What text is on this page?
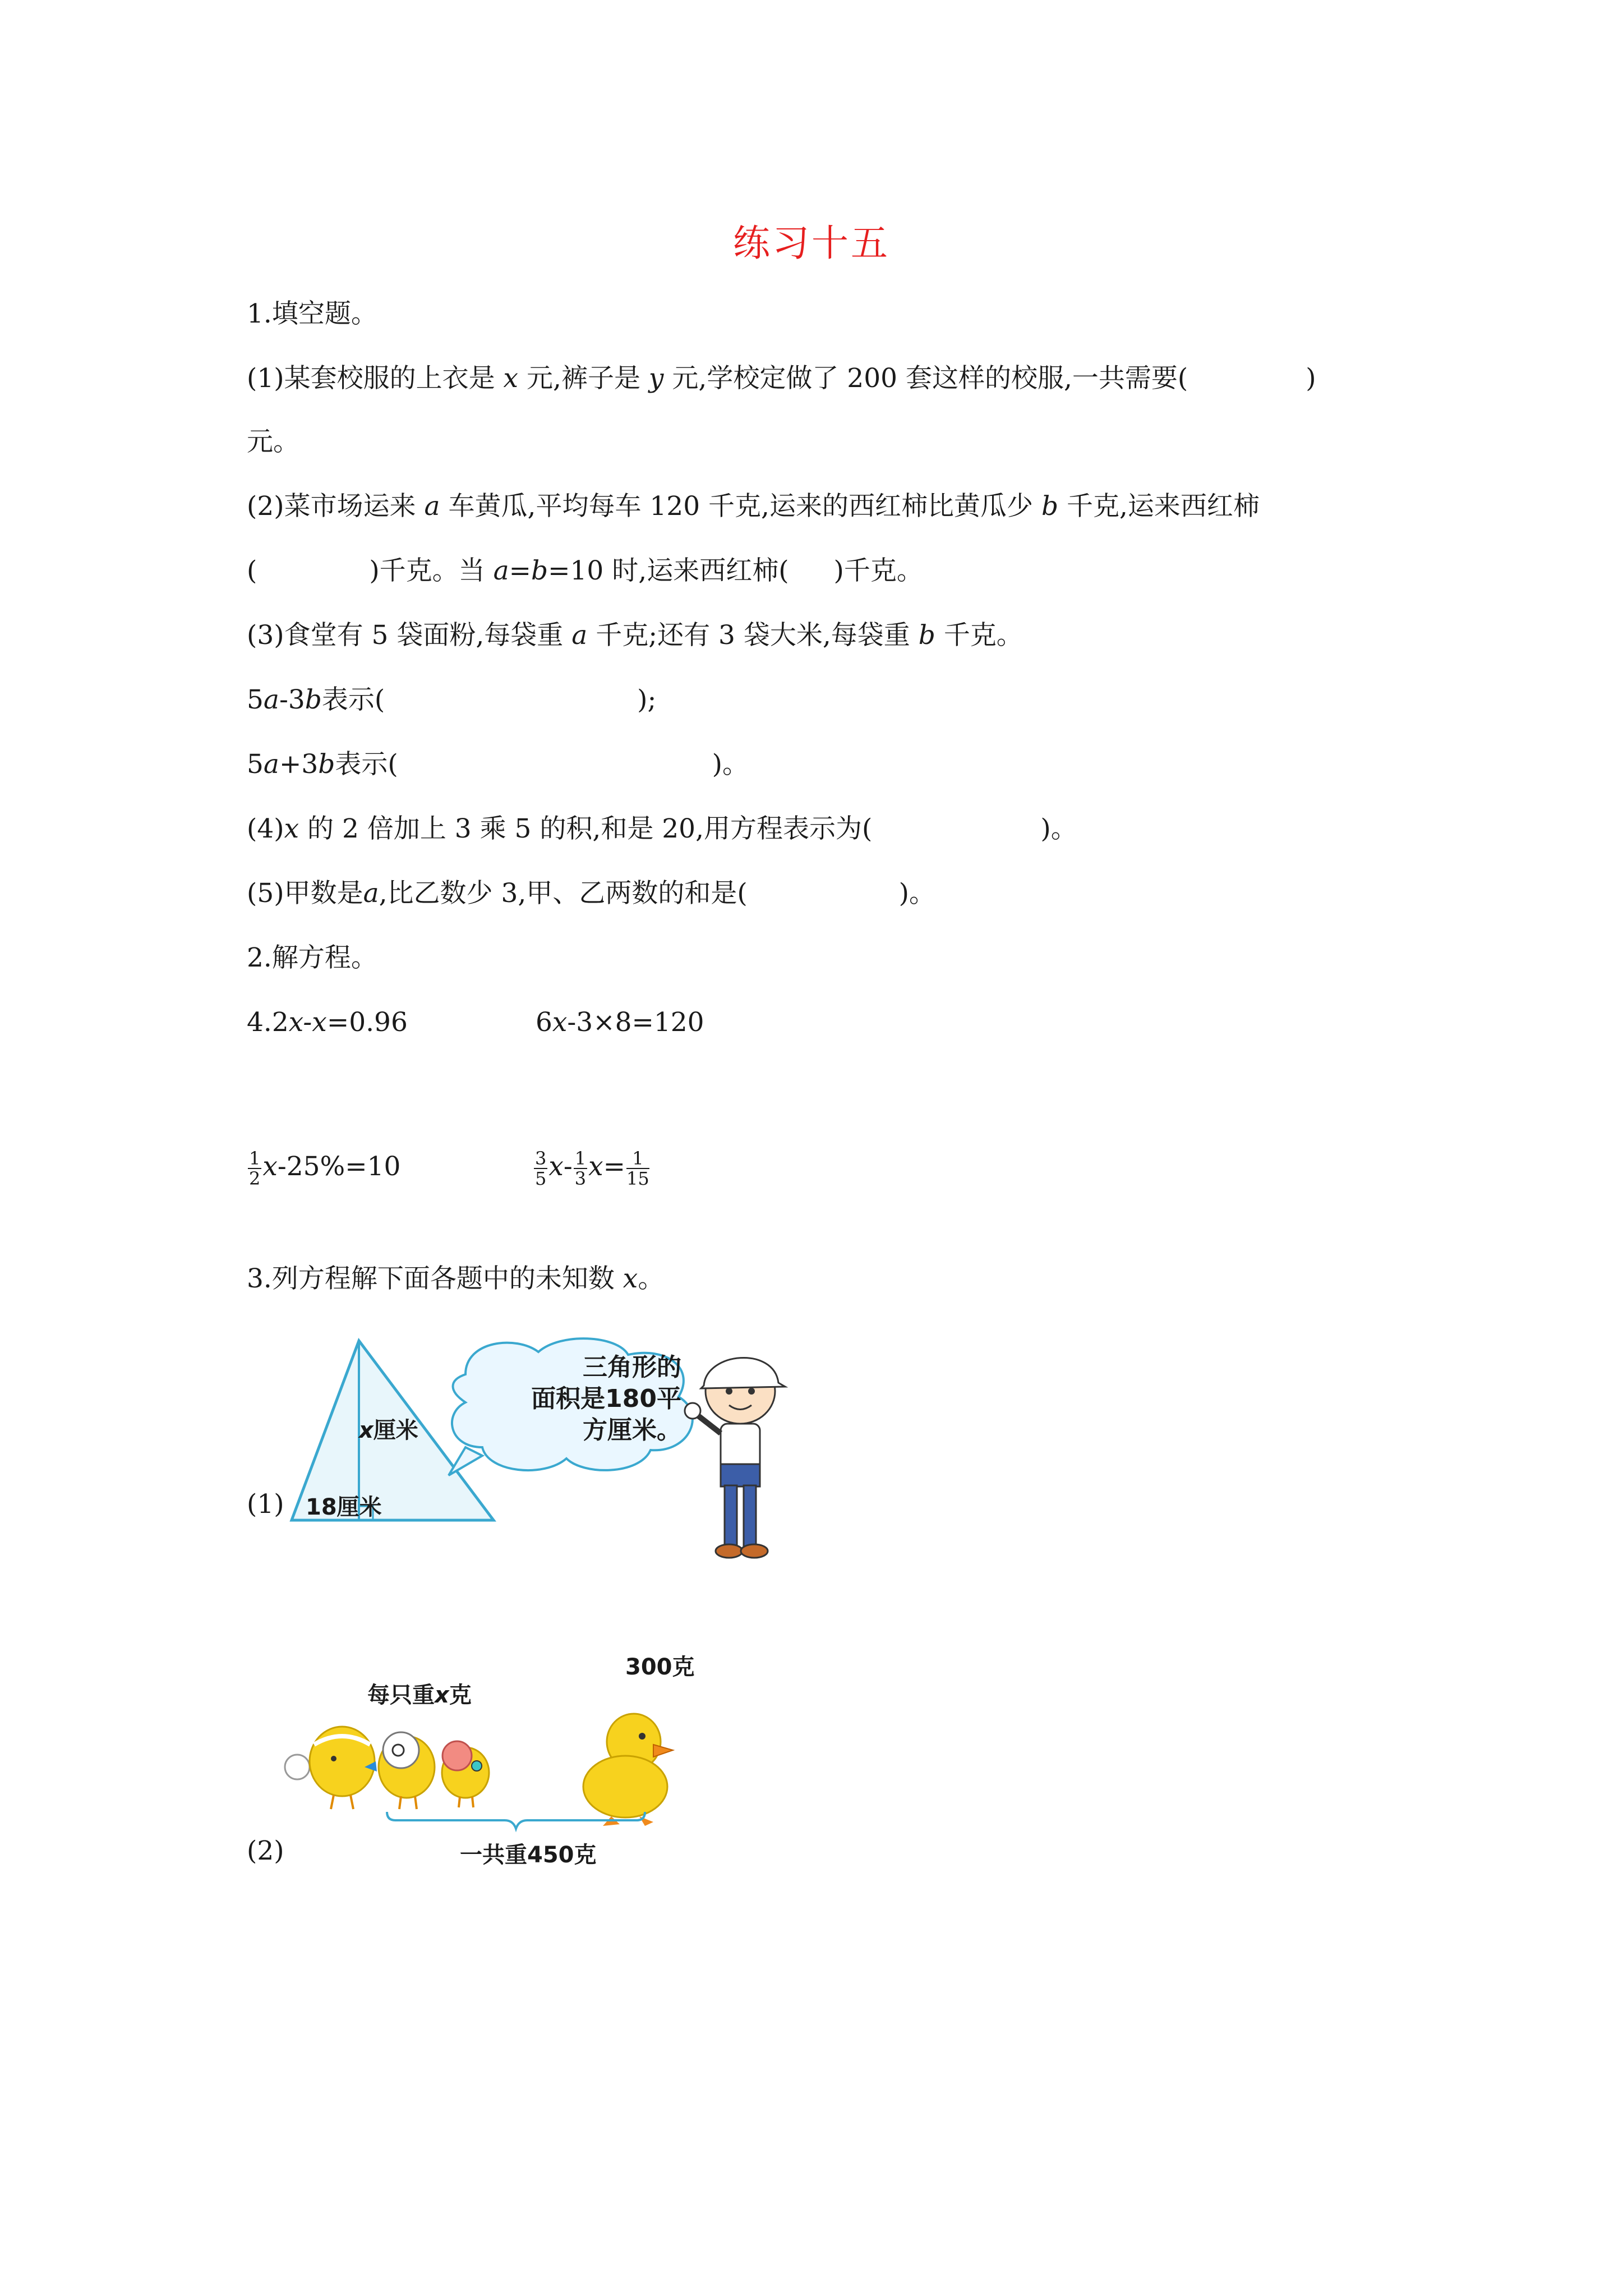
练习十五
1.填空题。
(1)某套校服的上衣是 x 元,裤子是 y 元,学校定做了 200 套这样的校服,一共需要(	)
元。
(2)菜市场运来 a 车黄瓜,平均每车 120 千克,运来的西红柿比黄瓜少 b 千克,运来西红柿
(	)千克。当 a=b=10 时,运来西红柿( )千克。
(3)食堂有 5 袋面粉,每袋重 a 千克;还有 3 袋大米,每袋重 b 千克。
5a-3b表示(	);
5a+3b表示(	)。
(4)x 的 2 倍加上 3 乘 5 的积,和是 20,用方程表示为(	)。
(5)甲数是a,比乙数少 3,甲、乙两数的和是(	)。
2.解方程。
4.2x-x=0.96	6x-3×8=120
$\frac{1}{2} x-25\%=10$	$\frac{3}{5} x- \frac{1}{3} x= \frac{1}{15}$
3.列方程解下面各题中的未知数 x。
x厘米
三角形的
面积是180平
方厘米。
(1) 18厘米
300克
每只重x克
(2)	一共重450克
